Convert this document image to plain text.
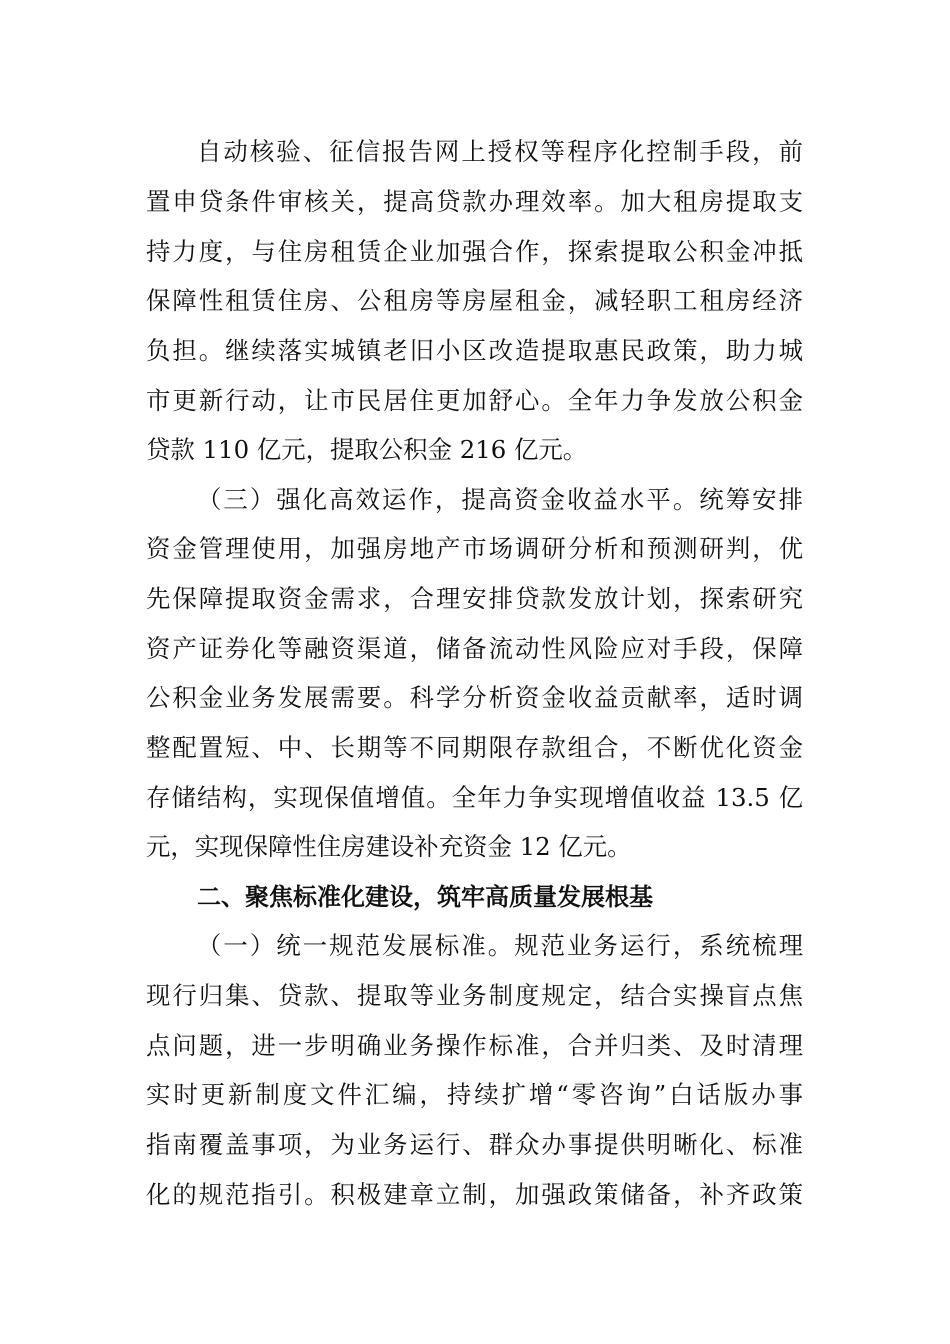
自动核验、征信报告网上授权等程序化控制手段，前
置申贷条件审核关，提高贷款办理效率。加大租房提取支
持力度，与住房租赁企业加强合作，探索提取公积金冲抵
保障性租赁住房、公租房等房屋租金，减轻职工租房经济
负担。继续落实城镇老旧小区改造提取惠民政策，助力城
市更新行动，让市民居住更加舒心。全年力争发放公积金
贷款 110 亿元，提取公积金 216 亿元。
（三）强化高效运作，提高资金收益水平。统筹安排
资金管理使用，加强房地产市场调研分析和预测研判，优
先保障提取资金需求，合理安排贷款发放计划，探索研究
资产证券化等融资渠道，储备流动性风险应对手段，保障
公积金业务发展需要。科学分析资金收益贡献率，适时调
整配置短、中、长期等不同期限存款组合，不断优化资金
存储结构，实现保值增值。全年力争实现增值收益 13.5 亿
元，实现保障性住房建设补充资金 12 亿元。
二、聚焦标准化建设，筑牢高质量发展根基
（一）统一规范发展标准。规范业务运行，系统梳理
现行归集、贷款、提取等业务制度规定，结合实操盲点焦
点问题，进一步明确业务操作标准，合并归类、及时清理
实时更新制度文件汇编，持续扩增“零咨询”白话版办事
指南覆盖事项，为业务运行、群众办事提供明晰化、标准
化的规范指引。积极建章立制，加强政策储备，补齐政策
